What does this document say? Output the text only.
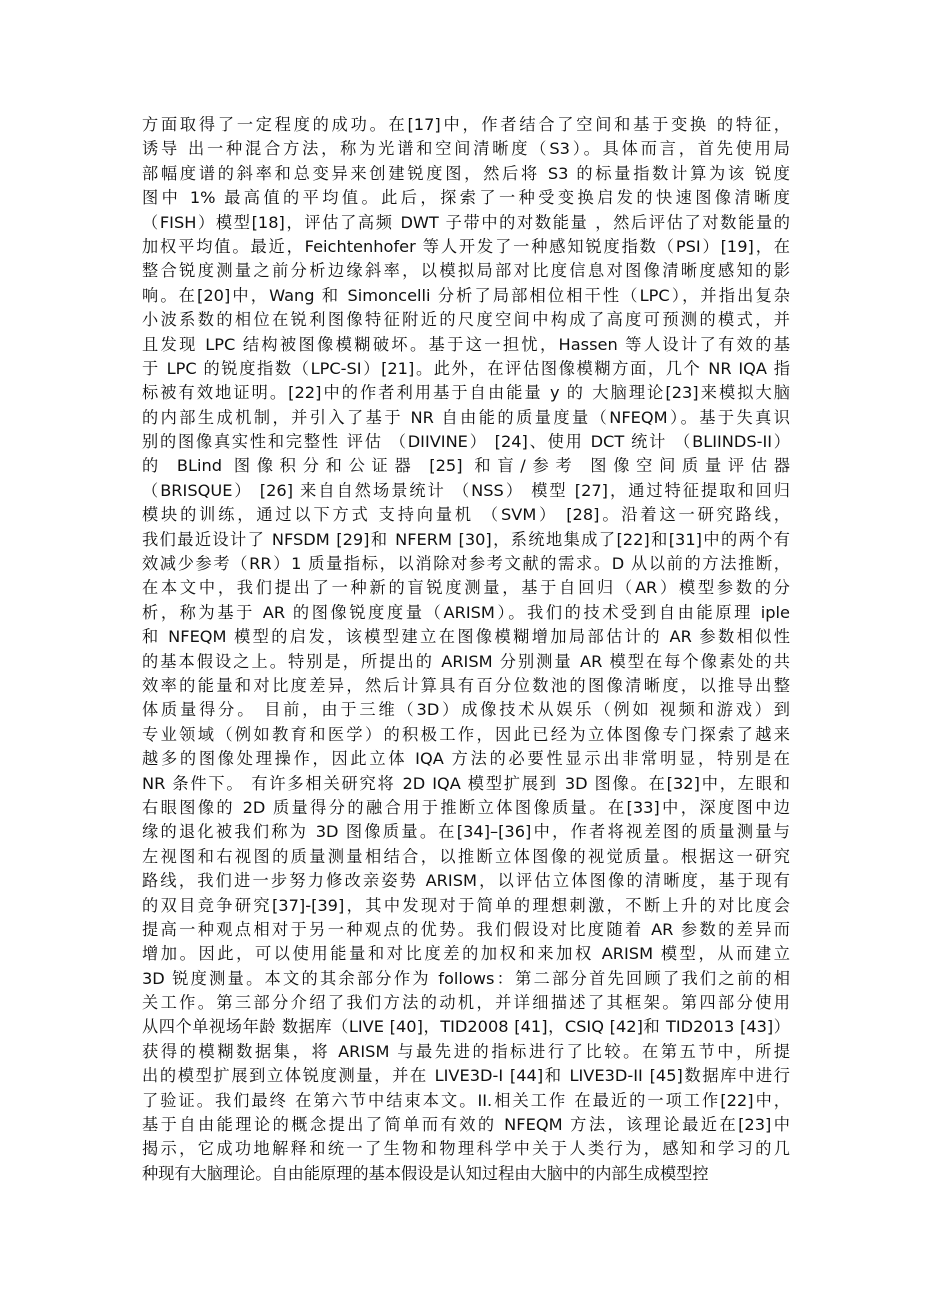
方面取得了一定程度的成功。在[17]中，作者结合了空间和基于变换 的特征，
诱导 出一种混合方法，称为光谱和空间清晰度（S3）。具体而言，首先使用局
部幅度谱的斜率和总变异来创建锐度图，然后将 S3 的标量指数计算为该 锐度
图中 1% 最高值的平均值。此后，探索了一种受变换启发的快速图像清晰度
（FISH）模型[18]，评估了高频 DWT 子带中的对数能量 ，然后评估了对数能量的
加权平均值。最近，Feichtenhofer 等人开发了一种感知锐度指数（PSI）[19]，在
整合锐度测量之前分析边缘斜率，以模拟局部对比度信息对图像清晰度感知的影
响。在[20]中，Wang 和 Simoncelli 分析了局部相位相干性（LPC），并指出复杂
小波系数的相位在锐利图像特征附近的尺度空间中构成了高度可预测的模式，并
且发现 LPC 结构被图像模糊破坏。基于这一担忧，Hassen 等人设计了有效的基
于 LPC 的锐度指数（LPC-SI）[21]。此外，在评估图像模糊方面，几个 NR IQA 指
标被有效地证明。[22]中的作者利用基于自由能量 y 的 大脑理论[23]来模拟大脑
的内部生成机制，并引入了基于 NR 自由能的质量度量（NFEQM）。基于失真识
别的图像真实性和完整性 评估 （DIIVINE） [24]、使用 DCT 统计 （BLIINDS-II）
的 BLind 图像积分和公证器 [25] 和盲/参考 图像空间质量评估器
（BRISQUE） [26] 来自自然场景统计 （NSS） 模型 [27]，通过特征提取和回归
模块的训练，通过以下方式 支持向量机 （SVM） [28]。沿着这一研究路线，
我们最近设计了 NFSDM [29]和 NFERM [30]，系统地集成了[22]和[31]中的两个有
效减少参考（RR）1 质量指标，以消除对参考文献的需求。D 从以前的方法推断，
在本文中，我们提出了一种新的盲锐度测量，基于自回归（AR）模型参数的分
析，称为基于 AR 的图像锐度度量（ARISM）。我们的技术受到自由能原理 iple
和 NFEQM 模型的启发，该模型建立在图像模糊增加局部估计的 AR 参数相似性
的基本假设之上。特别是，所提出的 ARISM 分别测量 AR 模型在每个像素处的共
效率的能量和对比度差异，然后计算具有百分位数池的图像清晰度，以推导出整
体质量得分。 目前，由于三维（3D）成像技术从娱乐（例如 视频和游戏）到
专业领域（例如教育和医学）的积极工作，因此已经为立体图像专门探索了越来
越多的图像处理操作，因此立体 IQA 方法的必要性显示出非常明显，特别是在
NR 条件下。 有许多相关研究将 2D IQA 模型扩展到 3D 图像。在[32]中，左眼和
右眼图像的 2D 质量得分的融合用于推断立体图像质量。在[33]中，深度图中边
缘的退化被我们称为 3D 图像质量。在[34]–[36]中，作者将视差图的质量测量与
左视图和右视图的质量测量相结合，以推断立体图像的视觉质量。根据这一研究
路线，我们进一步努力修改亲姿势 ARISM，以评估立体图像的清晰度，基于现有
的双目竞争研究[37]-[39]，其中发现对于简单的理想刺激，不断上升的对比度会
提高一种观点相对于另一种观点的优势。我们假设对比度随着 AR 参数的差异而
增加。因此，可以使用能量和对比度差的加权和来加权 ARISM 模型，从而建立
3D 锐度测量。本文的其余部分作为 follows：第二部分首先回顾了我们之前的相
关工作。第三部分介绍了我们方法的动机，并详细描述了其框架。第四部分使用
从四个单视场年龄 数据库（LIVE [40]，TID2008 [41]，CSIQ [42]和 TID2013 [43]）
获得的模糊数据集，将 ARISM 与最先进的指标进行了比较。在第五节中，所提
出的模型扩展到立体锐度测量，并在 LIVE3D-I [44]和 LIVE3D-II [45]数据库中进行
了验证。我们最终 在第六节中结束本文。II.相关工作 在最近的一项工作[22]中，
基于自由能理论的概念提出了简单而有效的 NFEQM 方法，该理论最近在[23]中
揭示，它成功地解释和统一了生物和物理科学中关于人类行为，感知和学习的几
种现有大脑理论。自由能原理的基本假设是认知过程由大脑中的内部生成模型控
